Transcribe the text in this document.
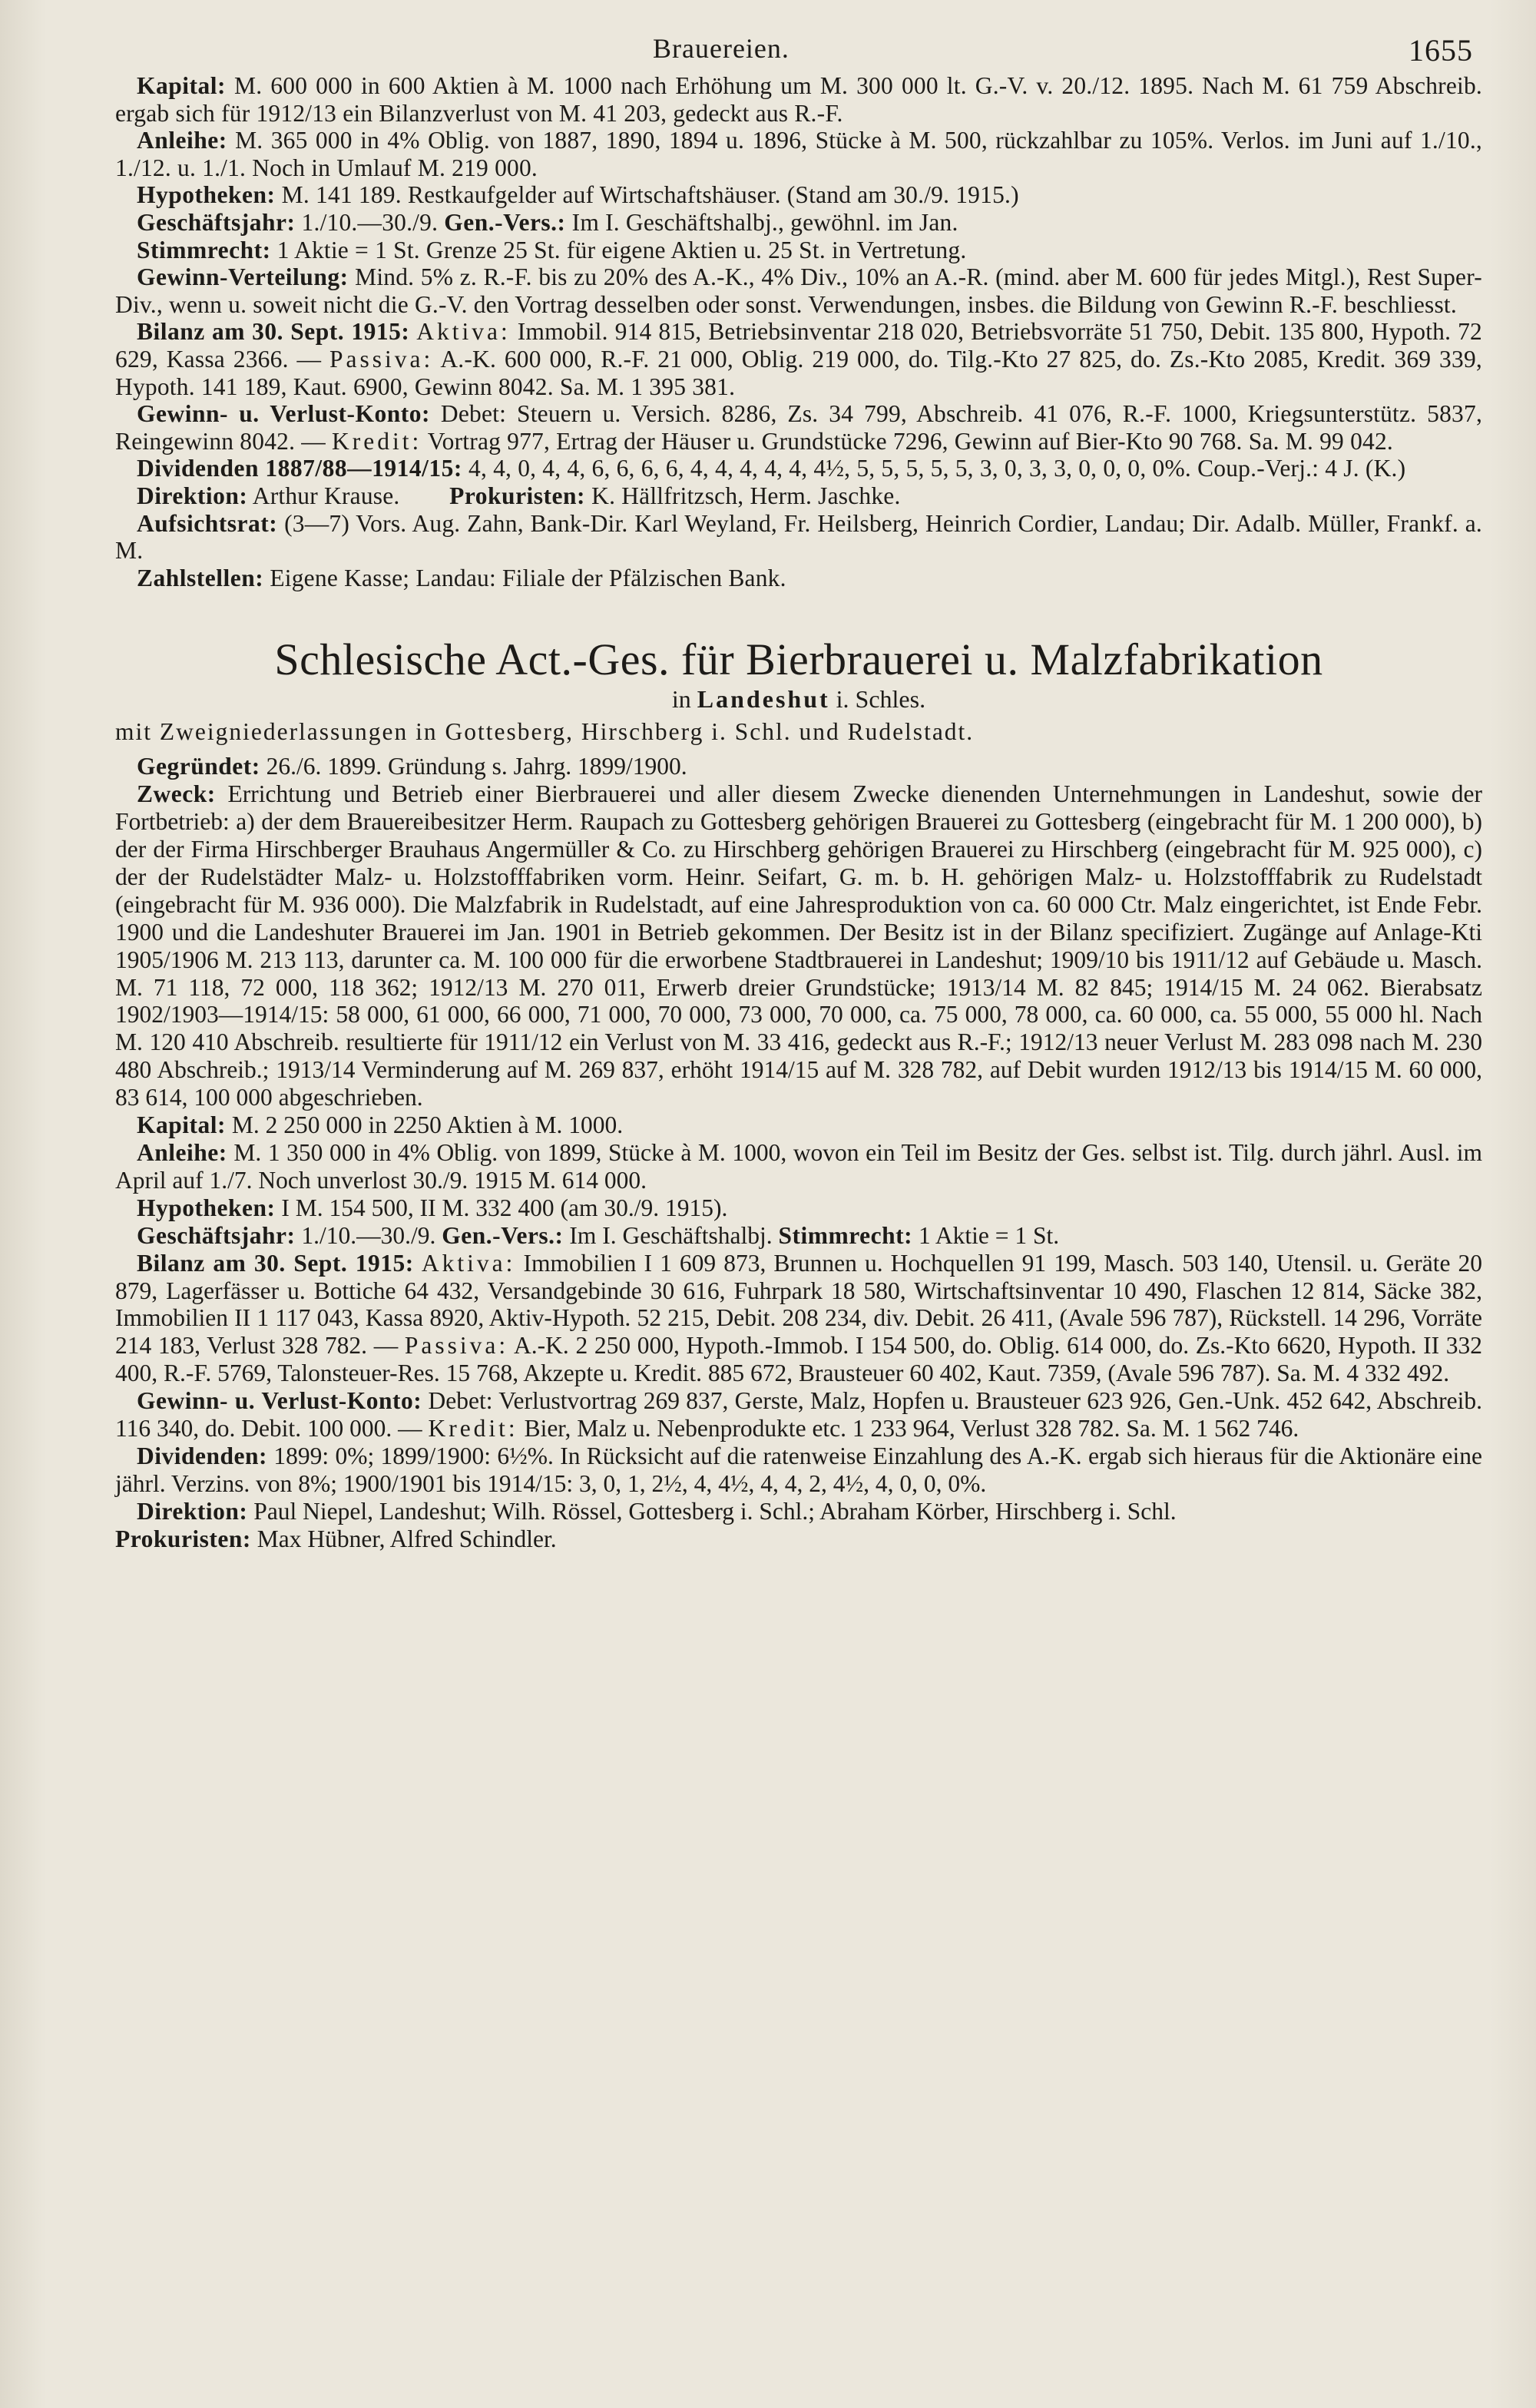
Brauereien.	1655

Kapital: M. 600 000 in 600 Aktien à M. 1000 nach Erhöhung um M. 300 000 lt. G.-V. v. 20./12. 1895. Nach M. 61 759 Abschreib. ergab sich für 1912/13 ein Bilanzverlust von M. 41 203, gedeckt aus R.-F.

Anleihe: M. 365 000 in 4% Oblig. von 1887, 1890, 1894 u. 1896, Stücke à M. 500, rückzahlbar zu 105%. Verlos. im Juni auf 1./10., 1./12. u. 1./1. Noch in Umlauf M. 219 000.

Hypotheken: M. 141 189. Restkaufgelder auf Wirtschaftshäuser. (Stand am 30./9. 1915.)

Geschäftsjahr: 1./10.—30./9. Gen.-Vers.: Im I. Geschäftshalbj., gewöhnl. im Jan.

Stimmrecht: 1 Aktie = 1 St. Grenze 25 St. für eigene Aktien u. 25 St. in Vertretung.

Gewinn-Verteilung: Mind. 5% z. R.-F. bis zu 20% des A.-K., 4% Div., 10% an A.-R. (mind. aber M. 600 für jedes Mitgl.), Rest Super-Div., wenn u. soweit nicht die G.-V. den Vortrag desselben oder sonst. Verwendungen, insbes. die Bildung von Gewinn R.-F. beschliesst.

Bilanz am 30. Sept. 1915: Aktiva: Immobil. 914 815, Betriebsinventar 218 020, Betriebsvorräte 51 750, Debit. 135 800, Hypoth. 72 629, Kassa 2366. — Passiva: A.-K. 600 000, R.-F. 21 000, Oblig. 219 000, do. Tilg.-Kto 27 825, do. Zs.-Kto 2085, Kredit. 369 339, Hypoth. 141 189, Kaut. 6900, Gewinn 8042. Sa. M. 1 395 381.

Gewinn- u. Verlust-Konto: Debet: Steuern u. Versich. 8286, Zs. 34 799, Abschreib. 41 076, R.-F. 1000, Kriegsunterstütz. 5837, Reingewinn 8042. — Kredit: Vortrag 977, Ertrag der Häuser u. Grundstücke 7296, Gewinn auf Bier-Kto 90 768. Sa. M. 99 042.

Dividenden 1887/88—1914/15: 4, 4, 0, 4, 4, 6, 6, 6, 6, 4, 4, 4, 4, 4, 4½, 5, 5, 5, 5, 5, 3, 0, 3, 3, 0, 0, 0, 0%. Coup.-Verj.: 4 J. (K.)

Direktion: Arthur Krause. Prokuristen: K. Hällfritzsch, Herm. Jaschke.

Aufsichtsrat: (3—7) Vors. Aug. Zahn, Bank-Dir. Karl Weyland, Fr. Heilsberg, Heinrich Cordier, Landau; Dir. Adalb. Müller, Frankf. a. M.

Zahlstellen: Eigene Kasse; Landau: Filiale der Pfälzischen Bank.

Schlesische Act.-Ges. für Bierbrauerei u. Malzfabrikation
in Landeshut i. Schles.
mit Zweigniederlassungen in Gottesberg, Hirschberg i. Schl. und Rudelstadt.

Gegründet: 26./6. 1899. Gründung s. Jahrg. 1899/1900.

Zweck: Errichtung und Betrieb einer Bierbrauerei und aller diesem Zwecke dienenden Unternehmungen in Landeshut, sowie der Fortbetrieb: a) der dem Brauereibesitzer Herm. Raupach zu Gottesberg gehörigen Brauerei zu Gottesberg (eingebracht für M. 1 200 000), b) der der Firma Hirschberger Brauhaus Angermüller & Co. zu Hirschberg gehörigen Brauerei zu Hirschberg (eingebracht für M. 925 000), c) der der Rudelstädter Malz- u. Holzstofffabriken vorm. Heinr. Seifart, G. m. b. H. gehörigen Malz- u. Holzstofffabrik zu Rudelstadt (eingebracht für M. 936 000). Die Malzfabrik in Rudelstadt, auf eine Jahresproduktion von ca. 60 000 Ctr. Malz eingerichtet, ist Ende Febr. 1900 und die Landeshuter Brauerei im Jan. 1901 in Betrieb gekommen. Der Besitz ist in der Bilanz specifiziert. Zugänge auf Anlage-Kti 1905/1906 M. 213 113, darunter ca. M. 100 000 für die erworbene Stadtbrauerei in Landeshut; 1909/10 bis 1911/12 auf Gebäude u. Masch. M. 71 118, 72 000, 118 362; 1912/13 M. 270 011, Erwerb dreier Grundstücke; 1913/14 M. 82 845; 1914/15 M. 24 062. Bierabsatz 1902/1903—1914/15: 58 000, 61 000, 66 000, 71 000, 70 000, 73 000, 70 000, ca. 75 000, 78 000, ca. 60 000, ca. 55 000, 55 000 hl. Nach M. 120 410 Abschreib. resultierte für 1911/12 ein Verlust von M. 33 416, gedeckt aus R.-F.; 1912/13 neuer Verlust M. 283 098 nach M. 230 480 Abschreib.; 1913/14 Verminderung auf M. 269 837, erhöht 1914/15 auf M. 328 782, auf Debit wurden 1912/13 bis 1914/15 M. 60 000, 83 614, 100 000 abgeschrieben.

Kapital: M. 2 250 000 in 2250 Aktien à M. 1000.

Anleihe: M. 1 350 000 in 4% Oblig. von 1899, Stücke à M. 1000, wovon ein Teil im Besitz der Ges. selbst ist. Tilg. durch jährl. Ausl. im April auf 1./7. Noch unverlost 30./9. 1915 M. 614 000.

Hypotheken: I M. 154 500, II M. 332 400 (am 30./9. 1915).

Geschäftsjahr: 1./10.—30./9. Gen.-Vers.: Im I. Geschäftshalbj. Stimmrecht: 1 Aktie = 1 St.

Bilanz am 30. Sept. 1915: Aktiva: Immobilien I 1 609 873, Brunnen u. Hochquellen 91 199, Masch. 503 140, Utensil. u. Geräte 20 879, Lagerfässer u. Bottiche 64 432, Versandgebinde 30 616, Fuhrpark 18 580, Wirtschaftsinventar 10 490, Flaschen 12 814, Säcke 382, Immobilien II 1 117 043, Kassa 8920, Aktiv-Hypoth. 52 215, Debit. 208 234, div. Debit. 26 411, (Avale 596 787), Rückstell. 14 296, Vorräte 214 183, Verlust 328 782. — Passiva: A.-K. 2 250 000, Hypoth.-Immob. I 154 500, do. Oblig. 614 000, do. Zs.-Kto 6620, Hypoth. II 332 400, R.-F. 5769, Talonsteuer-Res. 15 768, Akzepte u. Kredit. 885 672, Brausteuer 60 402, Kaut. 7359, (Avale 596 787). Sa. M. 4 332 492.

Gewinn- u. Verlust-Konto: Debet: Verlustvortrag 269 837, Gerste, Malz, Hopfen u. Brausteuer 623 926, Gen.-Unk. 452 642, Abschreib. 116 340, do. Debit. 100 000. — Kredit: Bier, Malz u. Nebenprodukte etc. 1 233 964, Verlust 328 782. Sa. M. 1 562 746.

Dividenden: 1899: 0%; 1899/1900: 6½%. In Rücksicht auf die ratenweise Einzahlung des A.-K. ergab sich hieraus für die Aktionäre eine jährl. Verzins. von 8%; 1900/1901 bis 1914/15: 3, 0, 1, 2½, 4, 4½, 4, 4, 2, 4½, 4, 0, 0, 0%.

Direktion: Paul Niepel, Landeshut; Wilh. Rössel, Gottesberg i. Schl.; Abraham Körber, Hirschberg i. Schl.                                            Prokuristen: Max Hübner, Alfred Schindler.
